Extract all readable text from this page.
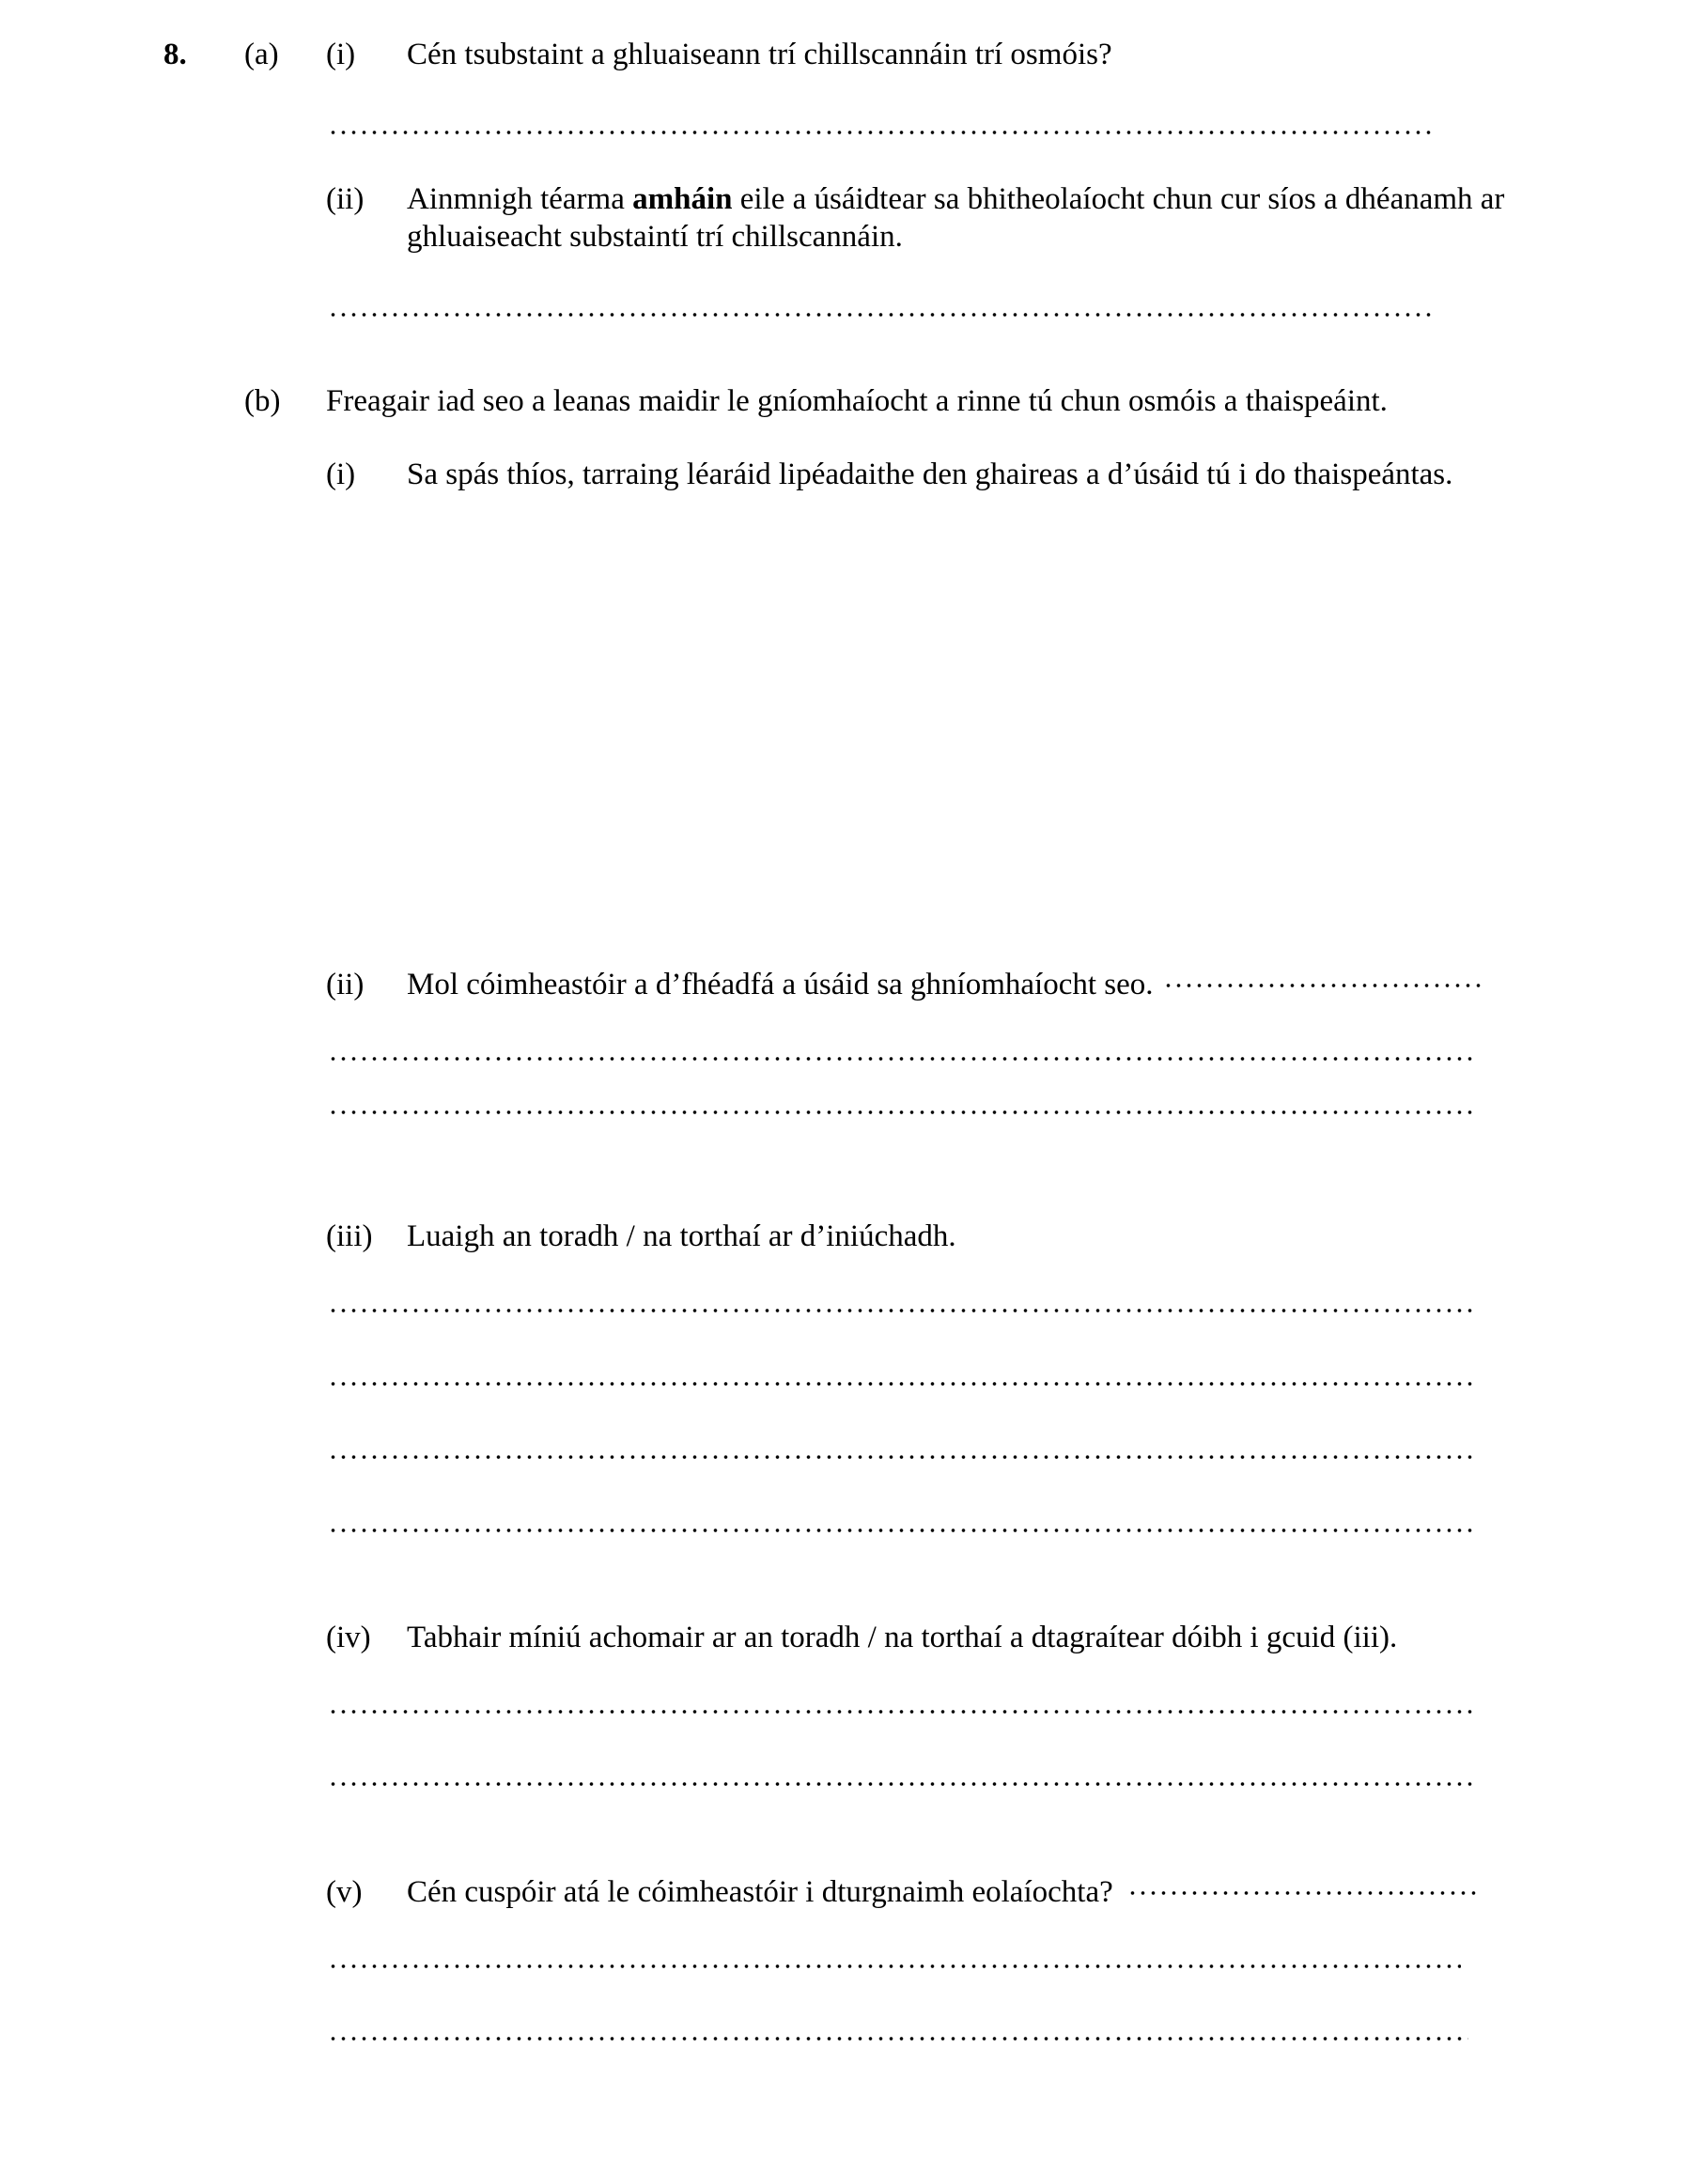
8. (a) (i) Cén tsubstaint a ghluaiseann trí chillscannáin trí osmóis?
(ii) Ainmnigh téarma amháin eile a úsáidtear sa bhitheolaíocht chun cur síos a dhéanamh ar
ghluaiseacht substaintí trí chillscannáin.
(b) Freagair iad seo a leanas maidir le gníomhaíocht a rinne tú chun osmóis a thaispeáint.
(i) Sa spás thíos, tarraing léaráid lipéadaithe den ghaireas a d’úsáid tú i do thaispeántas.
(ii) Mol cóimheastóir a d’fhéadfá a úsáid sa ghníomhaíocht seo.
(iii) Luaigh an toradh / na torthaí ar d’iniúchadh.
(iv) Tabhair míniú achomair ar an toradh / na torthaí a dtagraítear dóibh i gcuid (iii).
(v) Cén cuspóir atá le cóimheastóir i dturgnaimh eolaíochta?
